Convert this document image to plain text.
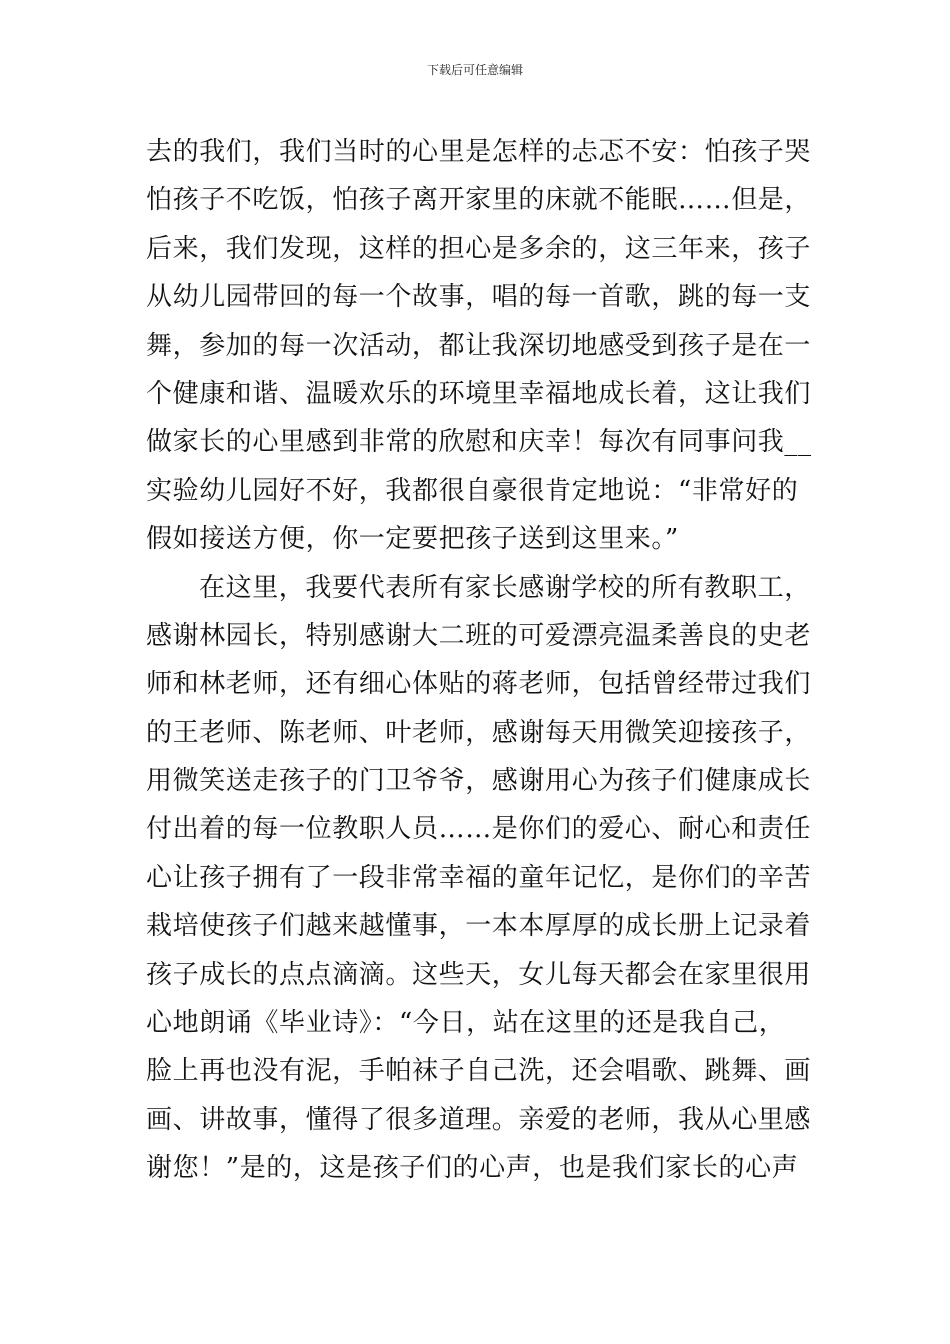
下载后可任意编辑
去的我们，我们当时的心里是怎样的忐忑不安：怕孩子哭
怕孩子不吃饭，怕孩子离开家里的床就不能眠……但是，
后来，我们发现，这样的担心是多余的，这三年来，孩子
从幼儿园带回的每一个故事，唱的每一首歌，跳的每一支
舞，参加的每一次活动，都让我深切地感受到孩子是在一
个健康和谐、温暖欢乐的环境里幸福地成长着，这让我们
做家长的心里感到非常的欣慰和庆幸！每次有同事问我__
实验幼儿园好不好，我都很自豪很肯定地说：“非常好的
假如接送方便，你一定要把孩子送到这里来。”
在这里，我要代表所有家长感谢学校的所有教职工，
感谢林园长，特别感谢大二班的可爱漂亮温柔善良的史老
师和林老师，还有细心体贴的蒋老师，包括曾经带过我们
的王老师、陈老师、叶老师，感谢每天用微笑迎接孩子，
用微笑送走孩子的门卫爷爷，感谢用心为孩子们健康成长
付出着的每一位教职人员……是你们的爱心、耐心和责任
心让孩子拥有了一段非常幸福的童年记忆，是你们的辛苦
栽培使孩子们越来越懂事，一本本厚厚的成长册上记录着
孩子成长的点点滴滴。这些天，女儿每天都会在家里很用
心地朗诵《毕业诗》：“今日，站在这里的还是我自己，
脸上再也没有泥，手帕袜子自己洗，还会唱歌、跳舞、画
画、讲故事，懂得了很多道理。亲爱的老师，我从心里感
谢您！”是的，这是孩子们的心声，也是我们家长的心声
